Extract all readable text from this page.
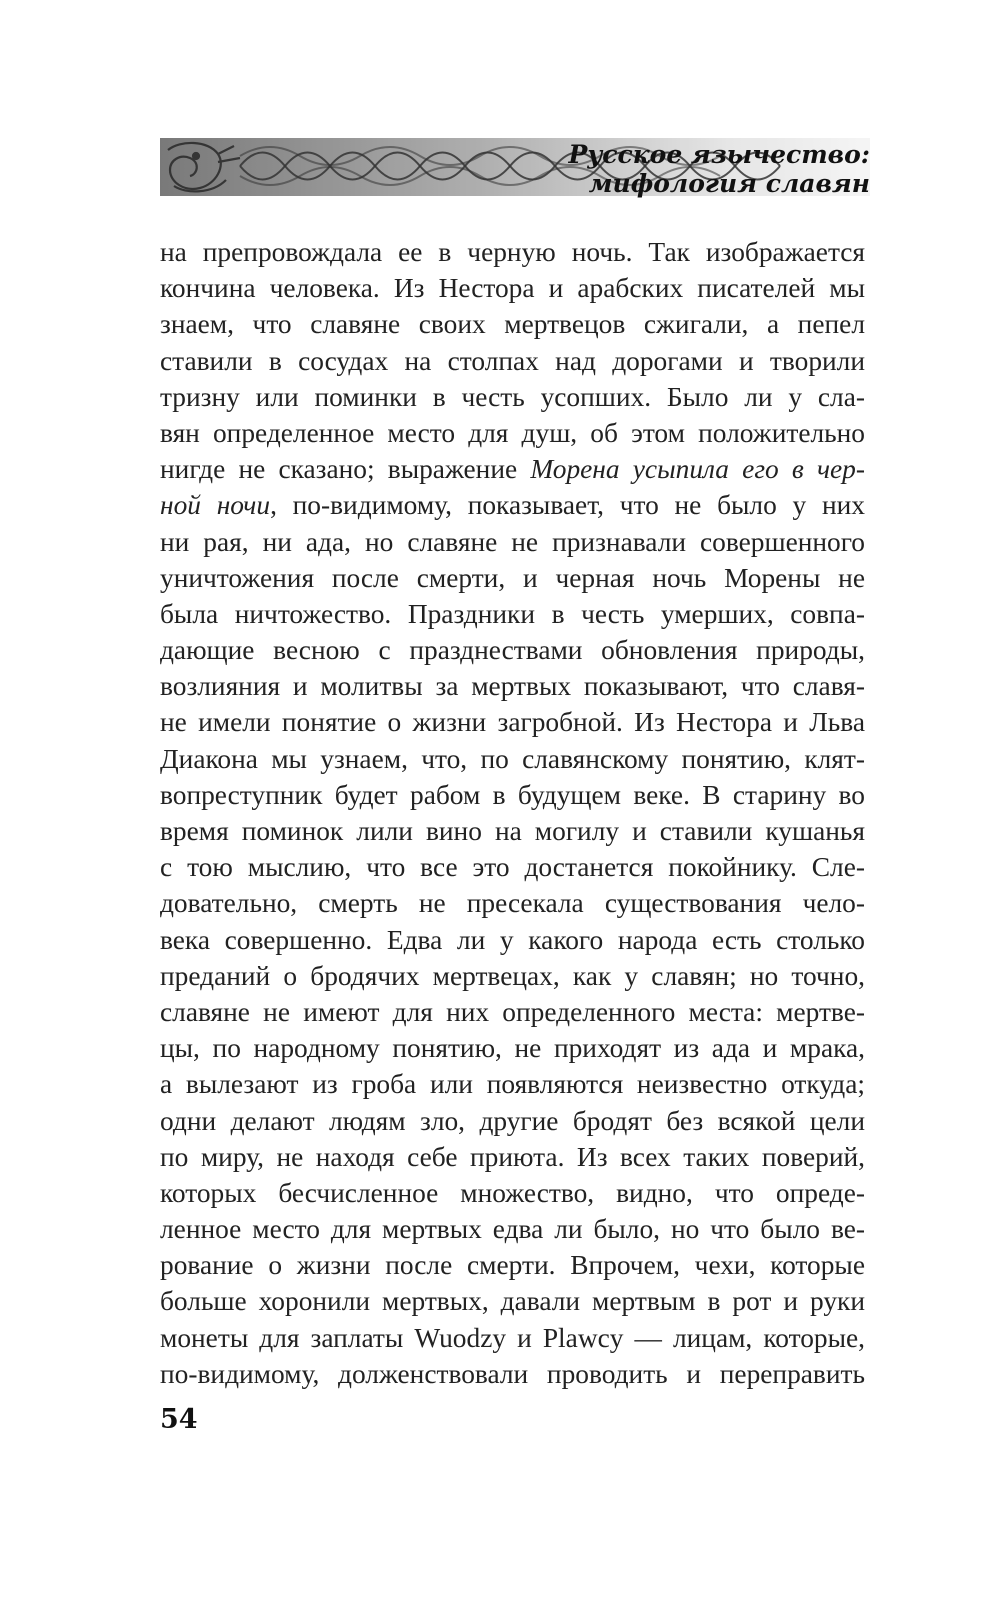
Русское язычество:
мифология славян
на препровождала ее в черную ночь. Так изображается
кончина человека. Из Нестора и арабских писателей мы
знаем, что славяне своих мертвецов сжигали, а пепел
ставили в сосудах на столпах над дорогами и творили
тризну или поминки в честь усопших. Было ли у сла-
вян определенное место для душ, об этом положительно
нигде не сказано; выражение Морена усыпила его в чер-
ной ночи, по-видимому, показывает, что не было у них
ни рая, ни ада, но славяне не признавали совершенного
уничтожения после смерти, и черная ночь Морены не
была ничтожество. Праздники в честь умерших, совпа-
дающие весною с празднествами обновления природы,
возлияния и молитвы за мертвых показывают, что славя-
не имели понятие о жизни загробной. Из Нестора и Льва
Диакона мы узнаем, что, по славянскому понятию, клят-
вопреступник будет рабом в будущем веке. В старину во
время поминок лили вино на могилу и ставили кушанья
с тою мыслию, что все это достанется покойнику. Сле-
довательно, смерть не пресекала существования чело-
века совершенно. Едва ли у какого народа есть столько
преданий о бродячих мертвецах, как у славян; но точно,
славяне не имеют для них определенного места: мертве-
цы, по народному понятию, не приходят из ада и мрака,
а вылезают из гроба или появляются неизвестно откуда;
одни делают людям зло, другие бродят без всякой цели
по миру, не находя себе приюта. Из всех таких поверий,
которых бесчисленное множество, видно, что опреде-
ленное место для мертвых едва ли было, но что было ве-
рование о жизни после смерти. Впрочем, чехи, которые
больше хоронили мертвых, давали мертвым в рот и руки
монеты для заплаты Wuodzy и Plawcy — лицам, которые,
по-видимому, долженствовали проводить и переправить
54
